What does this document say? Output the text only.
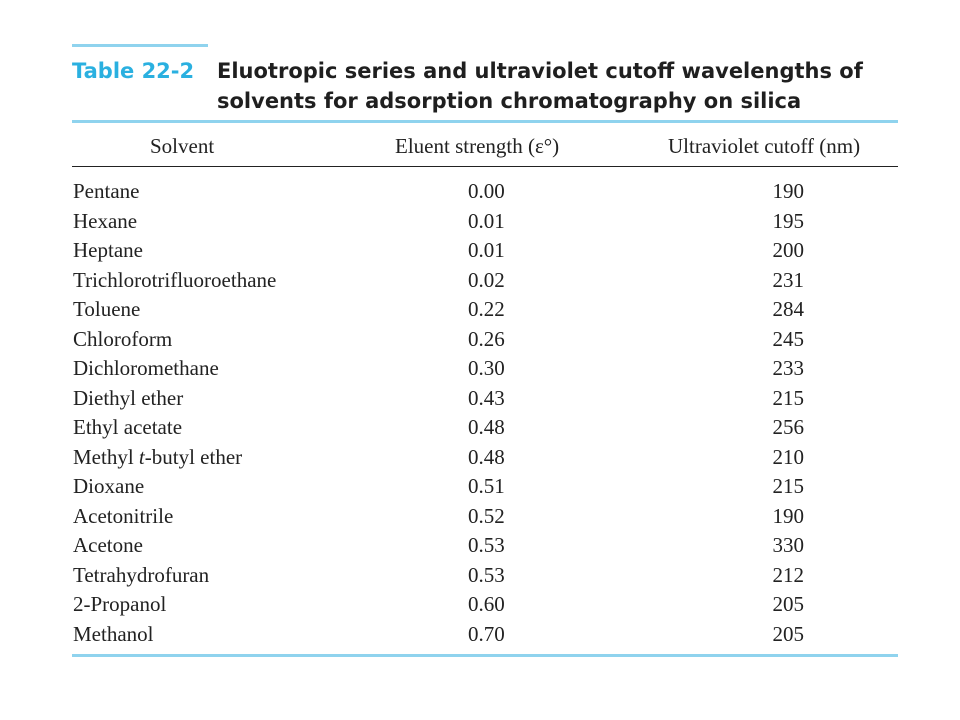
Table 22-2 Eluotropic series and ultraviolet cutoff wavelengths of
solvents for adsorption chromatography on silica
Solvent	Eluent strength (ε°)	Ultraviolet cutoff (nm)
Pentane	0.00	190
Hexane	0.01	195
Heptane	0.01	200
Trichlorotrifluoroethane	0.02	231
Toluene	0.22	284
Chloroform	0.26	245
Dichloromethane	0.30	233
Diethyl ether	0.43	215
Ethyl acetate	0.48	256
Methyl t-butyl ether	0.48	210
Dioxane	0.51	215
Acetonitrile	0.52	190
Acetone	0.53	330
Tetrahydrofuran	0.53	212
2-Propanol	0.60	205
Methanol	0.70	205
